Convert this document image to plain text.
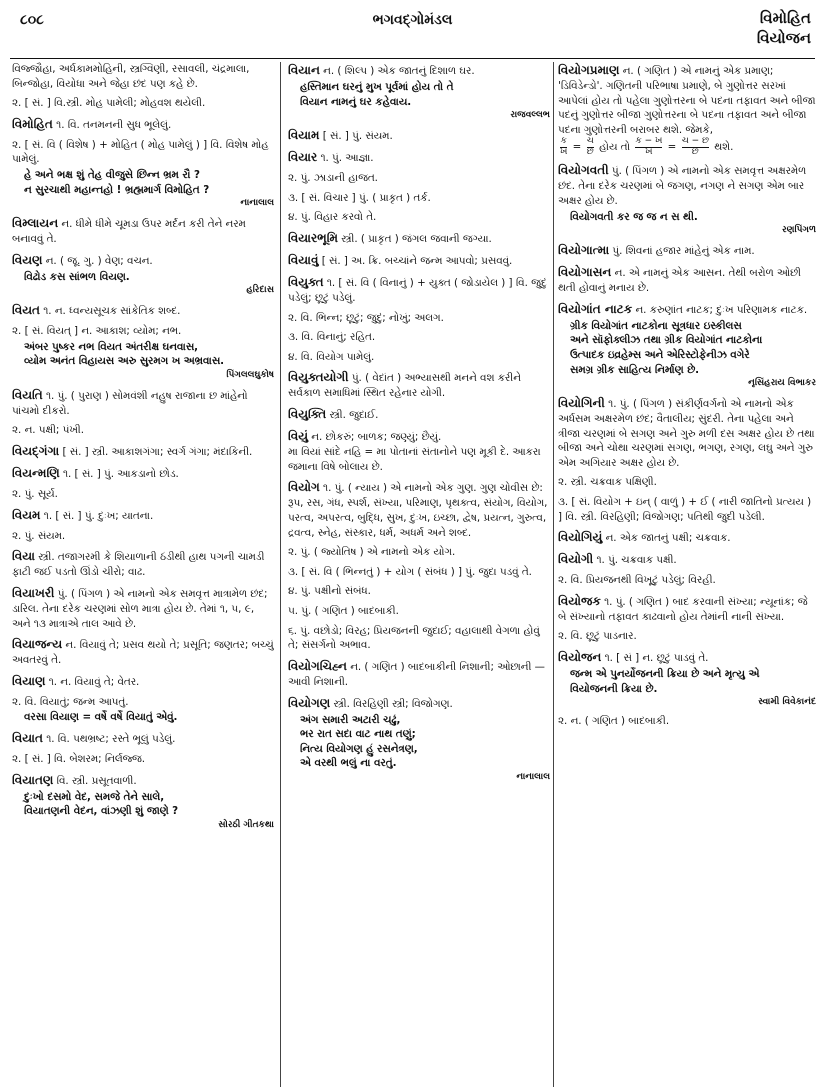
૮૦૮	ભગવદ્ગોમંડલ	વિમોહિત
વિયોજન

વિજ્જૌહા, અર્ધકામમોહિની, સ્ત્રગ્વિણી, રસાવલી, ચંદ્રમાલા, બિન્જોહા, વિયોધા અને જેહા છંદ પણ કહે છે.

૨. [ સં. ] વિ.સ્ત્રી. મોહ પામેલી; મોહવશ થયેલી.

વિમોહિત ૧. વિ. તનમનની સુધ ભૂલેલું.

૨. [ સં. વિ ( વિશેષ ) + મોહિત ( મોહ પામેલું ) ] વિ. વિશેષ મોહ પામેલું.

હે અને ભક્ષ શું તેહ વીજુસે છિન્ન ભ્રમ રૌ ?
ન સુરચાથી મહાન્તહો ! ભ્રહ્મમાર્ગ વિમોહિત ?

નાનાલાલ

વિમ્લાયન ન. ધીમે ધીમે ચૂમડા ઉપર મર્દન કરી તેને નરમ બનાવવું તે.

વિયણ ન. ( જૂ. ગુ. ) વેણ; વચન.

વિઢોડ કસ સાંભળ વિયણ.

હરિદાસ

વિયત ૧. ન. ધ્વન્યસૂચક સાંકેતિક શબ્દ.

૨. [ સં. વિયત્ ] ન. આકાશ; વ્યોમ; નભ.

અંબર પુષ્કર નભ વિયત અંતરીક્ષ ઘનવાસ,
વ્યોમ અનંત વિહાયસ અરુ સુરમગ ખ અભ્રવાસ.

પિંગલલઘુકોષ

વિયતિ ૧. પું. ( પુરાણ ) સોમવંશી નહુષ રાજાના છ માંહેનો પાંચમો દીકરો.

૨. ન. પક્ષી; પંખી.

વિયદ્ગંગા [ સં. ] સ્ત્રી. આકાશગંગા; સ્વર્ગ ગંગા; મંદાકિની.

વિયન્મણિ ૧. [ સં. ] પું. આકડાનો છોડ.

૨. પું. સૂર્ય.

વિયમ ૧. [ સં. ] પું. દુઃખ; યાતના.

૨. પું. સંયમ.

વિયા સ્ત્રી. તજાગરમી કે શિયાળાની ઠંડીથી હાથ પગની ચામડી ફાટી જઈ પડતો ઊંડો ચીરો; વાઢ.

વિયાખરી પું. ( પિંગળ ) એ નામનો એક સમવૃત્ત માત્રામેળ છંદ; ડારિલ. તેના દરેક ચરણમાં સોળ માત્રા હોય છે. તેમાં ૧, ૫, ૯, અને ૧૩ માત્રાએ તાલ આવે છે.

વિયાજન્ય ન. વિયાવું તે; પ્રસવ થયો તે; પ્રસૂતિ; જણતર; બચ્ચું અવતરવું તે.

વિયાણ ૧. ન. વિયાવું તે; વેતર.

૨. વિ. વિયાતું; જન્મ આપતું.

વરસા વિયાણ = વર્ષે વર્ષે વિયાતું એવું.

વિયાત ૧. વિ. પથભ્રષ્ટ; રસ્તે ભૂલું પડેલું.

૨. [ સં. ] વિ. બેશરમ; નિર્લજ્જ.

વિયાતણ વિ. સ્ત્રી. પ્રસૂતવાળી.

દુઃખો દસમો વેદ, સમજે તેને સાલે,
વિયાતણની વેદન, વાંઝણી શું જાણે ?

સોરઠી ગીતકથા

વિયાન ન. ( શિલ્પ ) એક જાતનું દિશાળ ઘર.

હસ્તિમાન ઘરનું મુખ પૂર્વમાં હોય તો તે
વિયાન નામનું ઘર કહેવાય.

રાજવલ્લભ

વિયામ [ સં. ] પું. સંયમ.

વિયાર ૧. પું. આજ્ઞા.

૨. પું. ઝાડાની હાજત.

૩. [ સં. વિચાર ] પું. ( પ્રાકૃત ) તર્ક.

૪. પું. વિહાર કરવો તે.

વિયારભૂમિ સ્ત્રી. ( પ્રાકૃત ) જંગલ જવાની જગ્યા.

વિયાવું [ સં. ] અ. ક્રિ. બચ્ચાંને જન્મ આપવો; પ્રસવવું.

વિયુક્ત ૧. [ સં. વિ ( વિનાનું ) + યુક્ત ( જોડાયેલ ) ] વિ. જુદું પડેલું; છૂટું પડેલું.

૨. વિ. ભિન્ન; છૂટું; જુદું; નોખું; અલગ.

૩. વિ. વિનાનું; રહિત.

૪. વિ. વિયોગ પામેલું.

વિયુક્તયોગી પું. ( વેદાંત ) અભ્યાસથી મનને વશ કરીને સર્વકાળ સમાધિમાં સ્થિત રહેનાર યોગી.

વિયુક્તિ સ્ત્રી. જુદાઈ.

વિયું ન. છોકરું; બાળક; જણ્યું; છૈયું.

મા વિયાં સાંદે નહિ = મા પોતાનાં સંતાનોને પણ મૂકી દે. આકરા જમાના વિષે બોલાય છે.

વિયોગ ૧. પું. ( ન્યાય ) એ નામનો એક ગુણ. ગુણ ચોવીસ છે: રૂપ, રસ, ગંધ, સ્પર્શ, સંખ્યા, પરિમાણ, પૃથક્ત્વ, સંયોગ, વિયોગ, પરત્વ, અપરત્વ, બુદ્ધિ, સુખ, દુઃખ, ઇચ્છા, દ્વેષ, પ્રયત્ન, ગુરુત્વ, દ્રવત્વ, સ્નેહ, સંસ્કાર, ધર્મ, અધર્મ અને શબ્દ.

૨. પું. ( જ્યોતિષ ) એ નામનો એક યોગ.

૩. [ સં. વિ ( ભિન્નતું ) + યોગ ( સંબંધ ) ] પું. જુદા પડવું તે.

૪. પું. પક્ષીનો સંબંધ.

૫. પું. ( ગણિત ) બાદબાકી.

૬. પું. વછોડો; વિરહ; પ્રિયજનની જુદાઈ; વહાલાથી વેગળા હોવું તે; સંસર્ગનો અભાવ.

વિયોગચિહ્ન ન. ( ગણિત ) બાદબાકીની નિશાની; ઓછાની — આવી નિશાની.

વિયોગણ સ્ત્રી. વિરહિણી સ્ત્રી; વિજોગણ.

અંગ સમારી અટારી ચઢું,
ભર રાત સદા વાટ નાથ તણું;
નિત્ય વિયોગણ હું રસનેત્રણ,
એ વરથી ભલું ના વરતું.

નાનાલાલ

વિયોગપ્રમાણ ન. ( ગણિત ) એ નામનું એક પ્રમાણ; 'ડિવિડેન્ડો'. ગણિતની પરિભાષા પ્રમાણે, બે ગુણોત્તર સરખાં આપેલાં હોય તો પહેલા ગુણોત્તરના બે પદના તફાવત અને બીજા પદનું ગુણોત્તર બીજા ગુણોત્તરના બે પદના તફાવત અને બીજા પદના ગુણોત્તરની બરાબર થશે. જેમકે,

$\frac{\text{ક}}{\text{ખ}} = \frac{\text{ચ}}{\text{છ}}$ હોય તો $\frac{\text{ક − ખ}}{\text{ખ}} = \frac{\text{ચ − છ}}{\text{છ}}$ થશે.

વિયોગવતી પું. ( પિંગળ ) એ નામનો એક સમવૃત્ત અક્ષરમેળ છંદ. તેના દરેક ચરણમાં બે જગણ, નગણ ને સગણ એમ બાર અક્ષર હોય છે.

વિયોગવતી કર જ જ ન સ થી.

રણપિંગળ

વિયોગાત્મા પું. શિવનાં હજાર માંહેનું એક નામ.

વિયોગાસન ન. એ નામનું એક આસન. તેથી બરોળ ઓછી થતી હોવાનું મનાય છે.

વિયોગાંત નાટક ન. કરુણાંત નાટક; દુઃખ પરિણામક નાટક.

ગ્રીક વિયોગાંત નાટકોના સૂત્રધાર ઇસ્કીલસ
અને સૉફોક્લીઝ તથા ગ્રીક વિયોગાંત નાટકોના
ઉત્પાદક ઇવ્રહેમ્સ અને એરિસ્ટોફેનીઝ વગેરે
સમગ્ર ગ્રીક સાહિત્ય નિર્માણ છે.

નૃસિંહરાય વિભાકર

વિયોગિની ૧. પું. ( પિંગળ ) સંકીર્ણવર્ગનો એ નામનો એક અર્ધસમ અક્ષરમેળ છંદ; વૈતાલીય; સુંદરી. તેના પહેલા અને ત્રીજા ચરણમાં બે સગણ અને ગુરુ મળી દસ અક્ષર હોય છે તથા બીજા અને ચોથા ચરણમાં સગણ, ભગણ, રગણ, લઘુ અને ગુરુ એમ અગિયાર અક્ષર હોય છે.

૨. સ્ત્રી. ચક્રવાક પક્ષિણી.

૩. [ સં. વિયોગ + ઇન્ ( વાળું ) + ઈ ( નારી જાતિનો પ્રત્યય ) ] વિ. સ્ત્રી. વિરહિણી; વિજોગણ; પતિથી જુદી પડેલી.

વિયોગિયું ન. એક જાતનું પક્ષી; ચક્રવાક.

વિયોગી ૧. પું. ચક્રવાક પક્ષી.

૨. વિ. પ્રિયજનથી વિખૂટું પડેલું; વિરહી.

વિયોજક ૧. પું. ( ગણિત ) બાદ કરવાની સંખ્યા; ન્યૂનાંક; જે બે સંખ્યાનો તફાવત કાઢવાનો હોય તેમાંની નાની સંખ્યા.

૨. વિ. છૂટું પાડનાર.

વિયોજન ૧. [ સં ] ન. છૂટું પાડવું તે.

જન્મ એ પુનર્યોજનની ક્રિયા છે અને મૃત્યુ એ
વિયોજનની ક્રિયા છે.

સ્વામી વિવેકાનંદ

૨. ન. ( ગણિત ) બાદબાકી.
